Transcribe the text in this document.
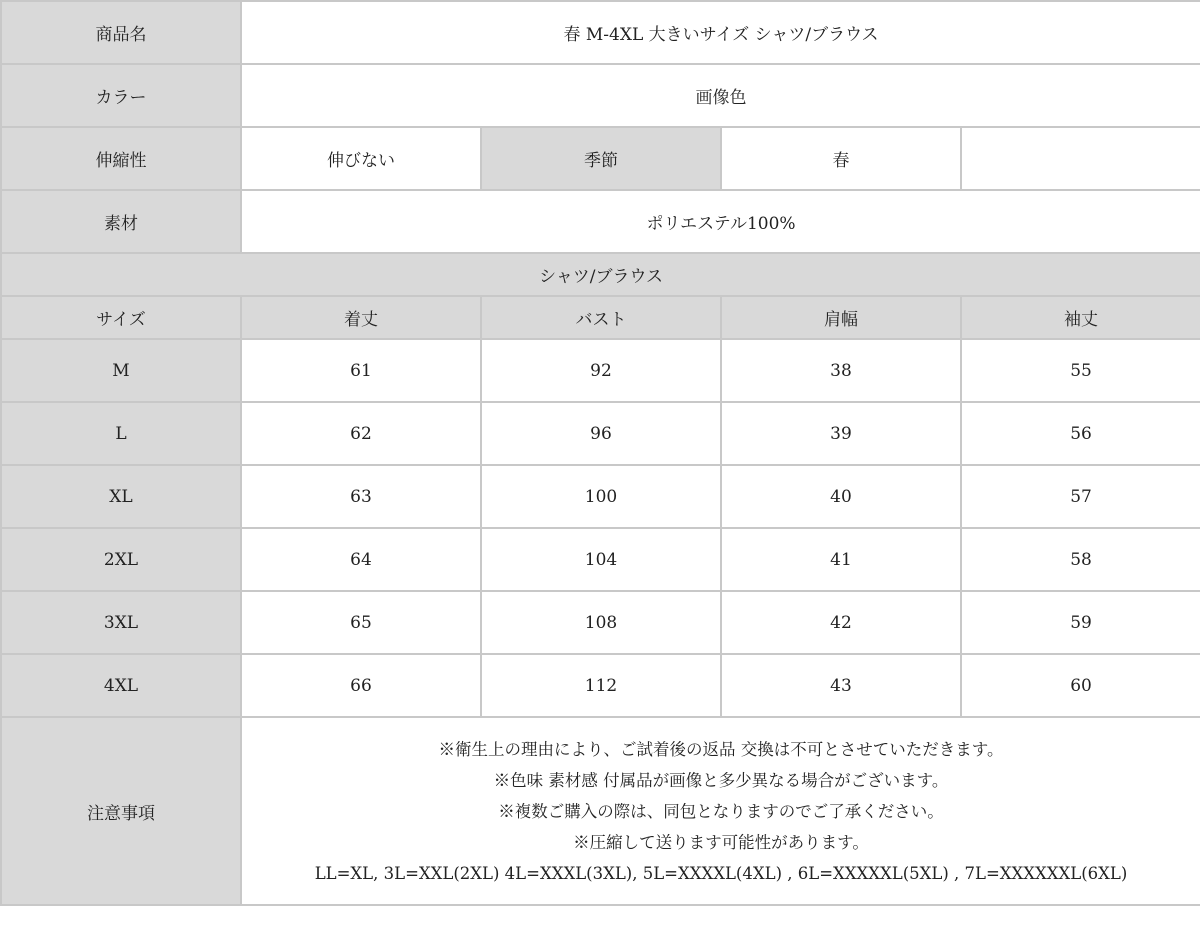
商品名	春 M-4XL 大きいサイズ シャツ/ブラウス			
カラー	画像色			
伸縮性	伸びない	季節	春	
素材	ポリエステル100%			
シャツ/ブラウス				
サイズ	着丈	バスト	肩幅	袖丈
M	61	92	38	55
L	62	96	39	56
XL	63	100	40	57
2XL	64	104	41	58
3XL	65	108	42	59
4XL	66	112	43	60
注意事項	※衛生上の理由により、ご試着後の返品 交換は不可とさせていただきます。
※色味 素材感 付属品が画像と多少異なる場合がございます。
※複数ご購入の際は、同包となりますのでご了承ください。
※圧縮して送ります可能性があります。
LL=XL, 3L=XXL(2XL) 4L=XXXL(3XL), 5L=XXXXL(4XL) , 6L=XXXXXL(5XL) , 7L=XXXXXXL(6XL)			
